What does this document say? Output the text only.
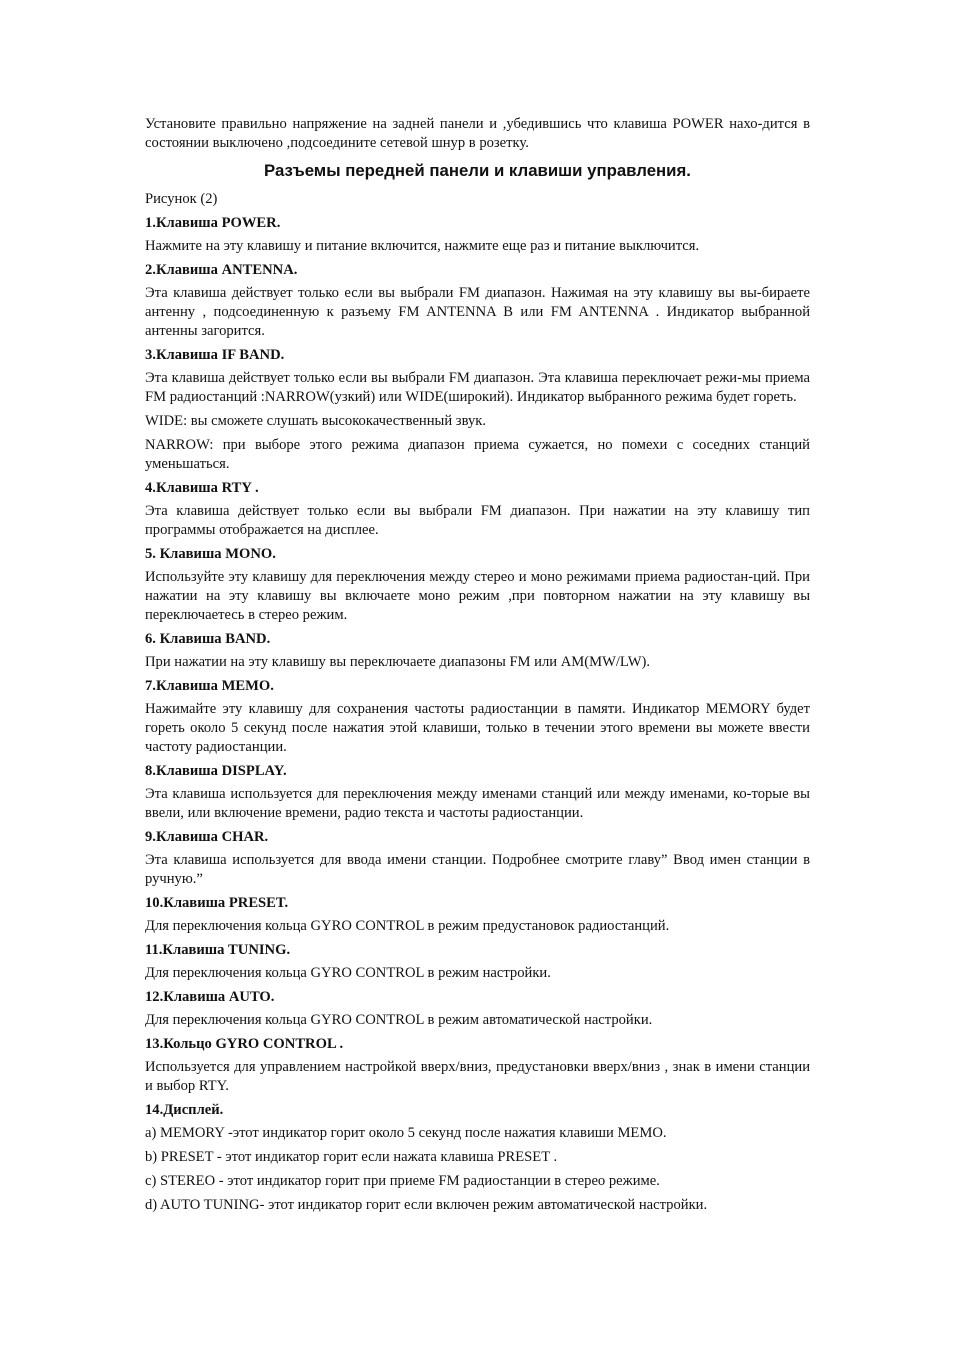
Установите правильно напряжение на задней панели и ,убедившись что клавиша POWER нахо-дится в состоянии выключено ,подсоедините сетевой шнур в розетку.

Разъемы передней панели и клавиши управления.

Рисунок (2)

1.Клавиша POWER.

Нажмите на эту клавишу и питание включится, нажмите еще раз и питание выключится.

2.Клавиша ANTENNA.

Эта клавиша действует только если вы выбрали FM диапазон. Нажимая на эту клавишу вы вы-бираете антенну , подсоединенную к разъему FM ANTENNA B или FM ANTENNA . Индикатор выбранной антенны загорится.

3.Клавиша IF BAND.

Эта клавиша действует только если вы выбрали FM диапазон. Эта клавиша переключает режи-мы приема FM радиостанций :NARROW(узкий) или WIDE(широкий). Индикатор выбранного режима будет гореть.

WIDE: вы сможете слушать высококачественный звук.

NARROW: при выборе этого режима диапазон приема сужается, но помехи с соседних станций уменьшаться.

4.Клавиша RTY .

Эта клавиша действует только если вы выбрали FM диапазон. При нажатии на эту клавишу тип программы отображается на дисплее.

5. Клавиша MONO.

Используйте эту клавишу для переключения между стерео и моно режимами приема радиостан-ций. При нажатии на эту клавишу вы включаете моно режим ,при повторном нажатии на эту клавишу вы переключаетесь в стерео режим.

6. Клавиша BAND.

При нажатии на эту клавишу вы переключаете диапазоны FM или AM(MW/LW).

7.Клавиша MEMO.

Нажимайте эту клавишу для сохранения частоты радиостанции в памяти. Индикатор MEMORY будет гореть около 5 секунд после нажатия этой клавиши, только в течении этого времени вы можете ввести частоту радиостанции.

8.Клавиша DISPLAY.

Эта клавиша используется для переключения между именами станций или между именами, ко-торые вы ввели, или включение времени, радио текста и частоты радиостанции.

9.Клавиша CHAR.

Эта клавиша используется для ввода имени станции. Подробнее смотрите главу” Ввод имен станции в ручную.”

10.Клавиша PRESET.

Для переключения кольца GYRO CONTROL в режим предустановок радиостанций.

11.Клавиша TUNING.

Для переключения кольца GYRO CONTROL в режим настройки.

12.Клавиша AUTO.

Для переключения кольца GYRO CONTROL в режим автоматической настройки.

13.Кольцо GYRO CONTROL .

Используется для управлением настройкой вверх/вниз, предустановки вверх/вниз , знак в имени станции и выбор RTY.

14.Дисплей.

a) MEMORY -этот индикатор горит около 5 секунд после нажатия клавиши MEMO.

b) PRESET - этот индикатор горит если нажата клавиша PRESET .

c) STEREO - этот индикатор горит при приеме FM радиостанции в стерео режиме.

d) AUTO TUNING- этот индикатор горит если включен режим автоматической настройки.
